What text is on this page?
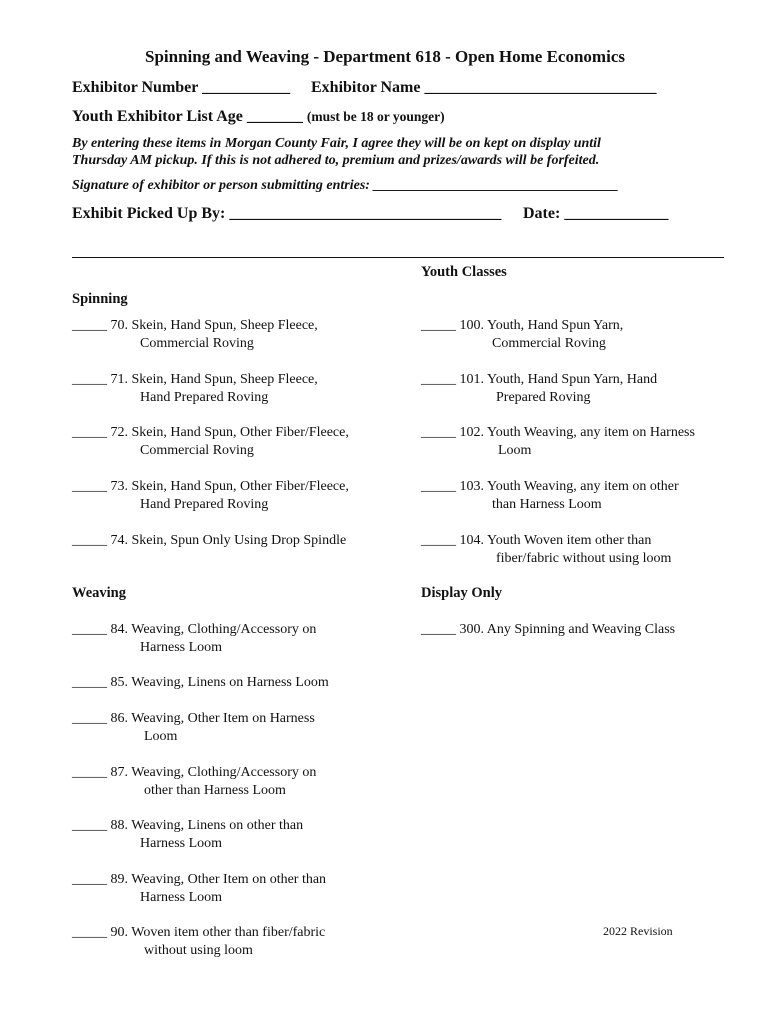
Spinning and Weaving - Department 618 - Open Home Economics
Exhibitor Number ___________ Exhibitor Name _____________________________
Youth Exhibitor List Age _______ (must be 18 or younger)
By entering these items in Morgan County Fair, I agree they will be on kept on display until
Thursday AM pickup. If this is not adhered to, premium and prizes/awards will be forfeited.
Signature of exhibitor or person submitting entries: ___________________________________
Exhibit Picked Up By: __________________________________ Date: _____________
Youth Classes
Spinning
_____ 70. Skein, Hand Spun, Sheep Fleece,
Commercial Roving
_____ 71. Skein, Hand Spun, Sheep Fleece,
Hand Prepared Roving
_____ 72. Skein, Hand Spun, Other Fiber/Fleece,
Commercial Roving
_____ 73. Skein, Hand Spun, Other Fiber/Fleece,
Hand Prepared Roving
_____ 74. Skein, Spun Only Using Drop Spindle
_____ 100. Youth, Hand Spun Yarn,
Commercial Roving
_____ 101. Youth, Hand Spun Yarn, Hand
Prepared Roving
_____ 102. Youth Weaving, any item on Harness
Loom
_____ 103. Youth Weaving, any item on other
than Harness Loom
_____ 104. Youth Woven item other than
fiber/fabric without using loom
Weaving	Display Only
_____ 84. Weaving, Clothing/Accessory on
Harness Loom
_____ 85. Weaving, Linens on Harness Loom
_____ 86. Weaving, Other Item on Harness
Loom
_____ 87. Weaving, Clothing/Accessory on
other than Harness Loom
_____ 88. Weaving, Linens on other than
Harness Loom
_____ 89. Weaving, Other Item on other than
Harness Loom
_____ 90. Woven item other than fiber/fabric
without using loom
_____ 300. Any Spinning and Weaving Class
2022 Revision
